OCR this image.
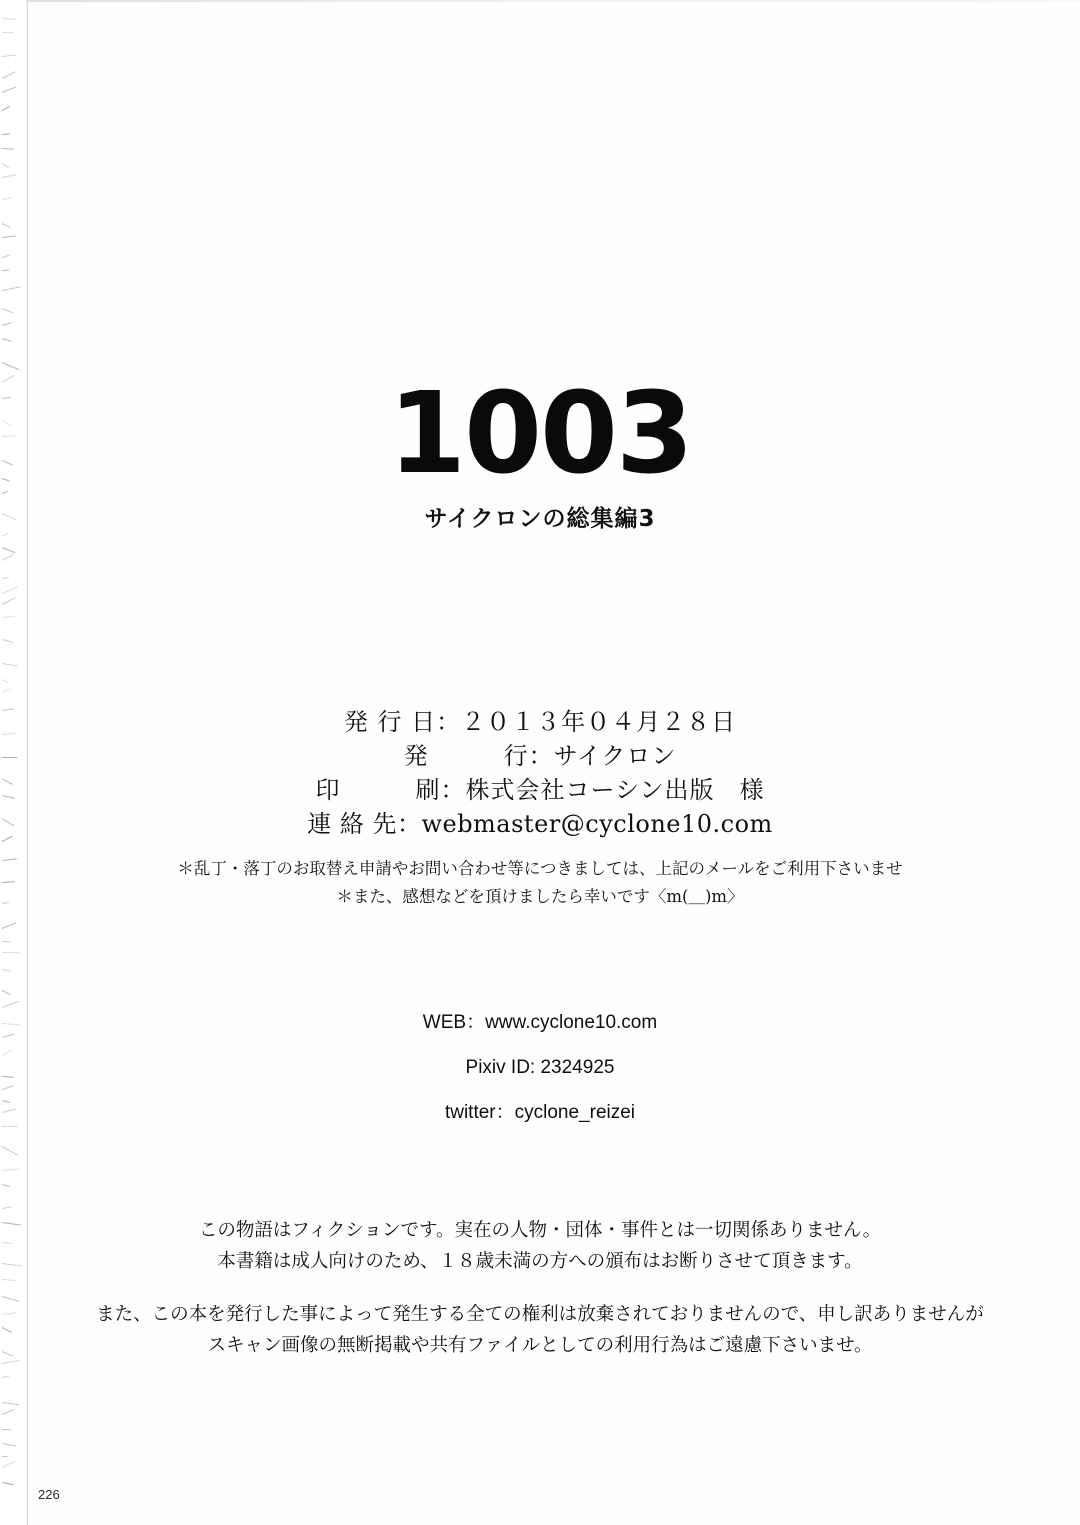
1003
サイクロンの総集編3
発 行 日：２０１３年０４月２８日
発　　　行：サイクロン
印　　　刷：株式会社コーシン出版　様
連 絡 先：webmaster@cyclone10.com
＊乱丁・落丁のお取替え申請やお問い合わせ等につきましては、上記のメールをご利用下さいませ
＊また、感想などを頂けましたら幸いです〈m(＿)m〉
WEB：www.cyclone10.com
Pixiv ID: 2324925
twitter：cyclone_reizei
この物語はフィクションです。実在の人物・団体・事件とは一切関係ありません。
本書籍は成人向けのため、１８歳未満の方への頒布はお断りさせて頂きます。
また、この本を発行した事によって発生する全ての権利は放棄されておりませんので、申し訳ありませんが
スキャン画像の無断掲載や共有ファイルとしての利用行為はご遠慮下さいませ。
226
